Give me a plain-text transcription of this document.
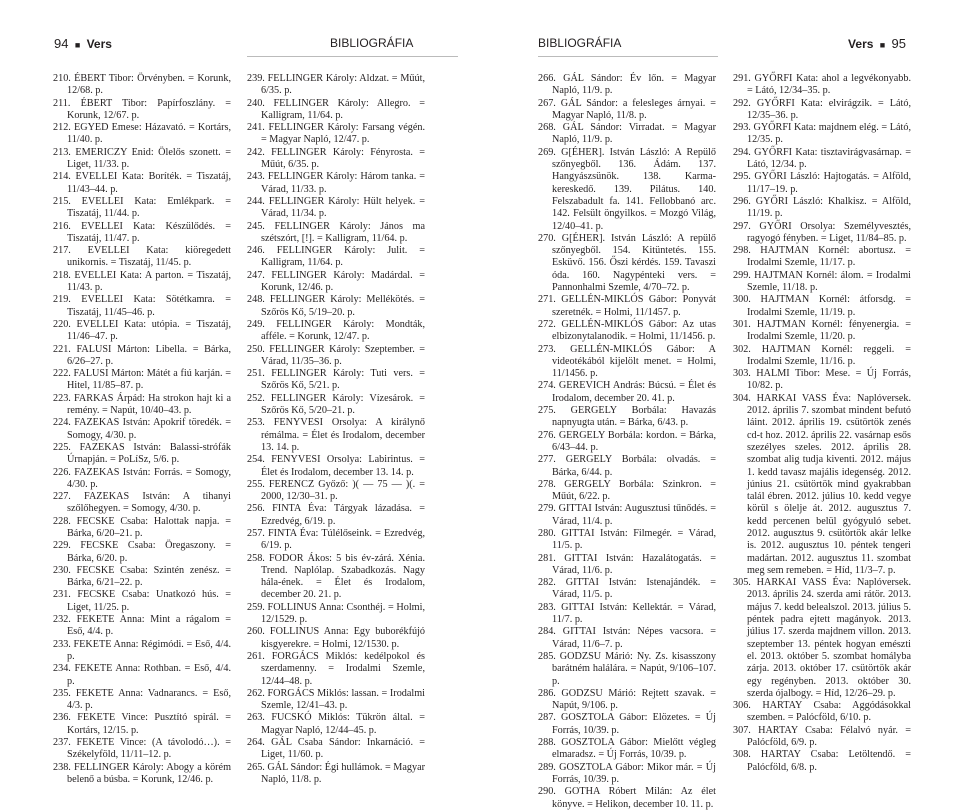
94 ■ Vers	BIBLIOGRÁFIA	BIBLIOGRÁFIA	Vers ■ 95

210. ÉBERT Tibor: Örvényben. = Korunk, 12/68. p.

211. ÉBERT Tibor: Papírfoszlány. = Korunk, 12/67. p.

212. EGYED Emese: Házavató. = Kortárs, 11/40. p.

213. EMERICZY Enid: Ölelős szonett. = Liget, 11/33. p.

214. EVELLEI Kata: Boríték. = Tiszatáj, 11/43–44. p.

215. EVELLEI Kata: Emlékpark. = Tiszatáj, 11/44. p.

216. EVELLEI Kata: Készülődés. = Tiszatáj, 11/47. p.

217. EVELLEI Kata: kiöregedett unikornis. = Tiszatáj, 11/45. p.

218. EVELLEI Kata: A parton. = Tiszatáj, 11/43. p.

219. EVELLEI Kata: Sötétkamra. = Tiszatáj, 11/45–46. p.

220. EVELLEI Kata: utópia. = Tiszatáj, 11/46–47. p.

221. FALUSI Márton: Libella. = Bárka, 6/26–27. p.

222. FALUSI Márton: Mátét a fiú karján. = Hitel, 11/85–87. p.

223. FARKAS Árpád: Ha strokon hajt ki a remény. = Napút, 10/40–43. p.

224. FAZEKAS István: Apokrif töredék. = Somogy, 4/30. p.

225. FAZEKAS István: Balassi-strófák Úrnapján. = PoLíSz, 5/6. p.

226. FAZEKAS István: Forrás. = Somogy, 4/30. p.

227. FAZEKAS István: A tihanyi szőlőhegyen. = Somogy, 4/30. p.

228. FECSKE Csaba: Halottak napja. = Bárka, 6/20–21. p.

229. FECSKE Csaba: Öregaszony. = Bárka, 6/20. p.

230. FECSKE Csaba: Szintén zenész. = Bárka, 6/21–22. p.

231. FECSKE Csaba: Unatkozó hús. = Liget, 11/25. p.

232. FEKETE Anna: Mint a rágalom = Eső, 4/4. p.

233. FEKETE Anna: Régimódi. = Eső, 4/4. p.

234. FEKETE Anna: Rothban. = Eső, 4/4. p.

235. FEKETE Anna: Vadnarancs. = Eső, 4/3. p.

236. FEKETE Vince: Pusztító spirál. = Kortárs, 12/15. p.

237. FEKETE Vince: (A távolodó…). = Székelyföld, 11/11–12. p.

238. FELLINGER Károly: Abogy a körém belenő a búsba. = Korunk, 12/46. p.

239. FELLINGER Károly: Aldzat. = Műút, 6/35. p.

240. FELLINGER Károly: Allegro. = Kalligram, 11/64. p.

241. FELLINGER Károly: Farsang végén. = Magyar Napló, 12/47. p.

242. FELLINGER Károly: Fényrosta. = Műút, 6/35. p.

243. FELLINGER Károly: Három tanka. = Várad, 11/33. p.

244. FELLINGER Károly: Hült helyek. = Várad, 11/34. p.

245. FELLINGER Károly: János ma szétszórt, [!]. = Kalligram, 11/64. p.

246. FELLINGER Károly: Julit. = Kalligram, 11/64. p.

247. FELLINGER Károly: Madárdal. = Korunk, 12/46. p.

248. FELLINGER Károly: Mellékötés. = Szőrös Kő, 5/19–20. p.

249. FELLINGER Károly: Mondták, afféle. = Korunk, 12/47. p.

250. FELLINGER Károly: Szeptember. = Várad, 11/35–36. p.

251. FELLINGER Károly: Tuti vers. = Szőrös Kő, 5/21. p.

252. FELLINGER Károly: Vízesárok. = Szőrös Kő, 5/20–21. p.

253. FENYVESI Orsolya: A királynő rémálma. = Élet és Irodalom, december 13. 14. p.

254. FENYVESI Orsolya: Labirintus. = Élet és Irodalom, december 13. 14. p.

255. FERENCZ Győző: )( — 75 — )(. = 2000, 12/30–31. p.

256. FINTA Éva: Tárgyak lázadása. = Ezredvég, 6/19. p.

257. FINTA Éva: Túlélőseink. = Ezredvég, 6/19. p.

258. FODOR Ákos: 5 bis év-zárá. Xénia. Trend. Naplólap. Szabadkozás. Nagy hála-ének. = Élet és Irodalom, december 20. 21. p.

259. FOLLINUS Anna: Csonthéj. = Holmi, 12/1529. p.

260. FOLLINUS Anna: Egy buborékfújó kisgyerekre. = Holmi, 12/1530. p.

261. FORGÁCS Miklós: kedélpokol és szerdamenny. = Irodalmi Szemle, 12/44–48. p.

262. FORGÁCS Miklós: lassan. = Irodalmi Szemle, 12/41–43. p.

263. FUCSKÓ Miklós: Tükrön által. = Magyar Napló, 12/44–45. p.

264. GÁL Csaba Sándor: Inkarnáció. = Liget, 11/60. p.

265. GÁL Sándor: Égi hullámok. = Magyar Napló, 11/8. p.

266. GÁL Sándor: Év lőn. = Magyar Napló, 11/9. p.

267. GÁL Sándor: a felesleges árnyai. = Magyar Napló, 11/8. p.

268. GÁL Sándor: Virradat. = Magyar Napló, 11/9. p.

269. G[ÉHER]. István László: A Repülő szőnyegből. 136. Ádám. 137. Hangyászsünök. 138. Karma-kereskedő. 139. Pilátus. 140. Felszabadult fa. 141. Fellobbanó arc. 142. Felsült öngyilkos. = Mozgó Világ, 12/40–41. p.

270. G[ÉHER]. István László: A repülő szőnyegből. 154. Kitüntetés. 155. Esküvő. 156. Őszi kérdés. 159. Tavaszi óda. 160. Nagypénteki vers. = Pannonhalmi Szemle, 4/70–72. p.

271. GELLÉN-MIKLÓS Gábor: Ponyvát szeretnék. = Holmi, 11/1457. p.

272. GELLÉN-MIKLÓS Gábor: Az utas elbizonytalanodik. = Holmi, 11/1456. p.

273. GELLÉN-MIKLÓS Gábor: A videotékából kijelölt menet. = Holmi, 11/1456. p.

274. GEREVICH András: Búcsú. = Élet és Irodalom, december 20. 41. p.

275. GERGELY Borbála: Havazás napnyugta után. = Bárka, 6/43. p.

276. GERGELY Borbála: kordon. = Bárka, 6/43–44. p.

277. GERGELY Borbála: olvadás. = Bárka, 6/44. p.

278. GERGELY Borbála: Szinkron. = Műút, 6/22. p.

279. GITTAI István: Augusztusi tűnődés. = Várad, 11/4. p.

280. GITTAI István: Filmegér. = Várad, 11/5. p.

281. GITTAI István: Hazalátogatás. = Várad, 11/6. p.

282. GITTAI István: Istenajándék. = Várad, 11/5. p.

283. GITTAI István: Kellektár. = Várad, 11/7. p.

284. GITTAI István: Népes vacsora. = Várad, 11/6–7. p.

285. GODZSU Márió: Ny. Zs. kisasszony barátném halálára. = Napút, 9/106–107. p.

286. GODZSU Márió: Rejtett szavak. = Napút, 9/106. p.

287. GOSZTOLA Gábor: Elözetes. = Új Forrás, 10/39. p.

288. GOSZTOLA Gábor: Mielőtt végleg elmaradsz. = Új Forrás, 10/39. p.

289. GOSZTOLA Gábor: Mikor már. = Új Forrás, 10/39. p.

290. GOTHA Róbert Milán: Az élet könyve. = Helikon, december 10. 11. p.

291. GYŐRFI Kata: ahol a legvékonyabb. = Látó, 12/34–35. p.

292. GYŐRFI Kata: elvirágzik. = Látó, 12/35–36. p.

293. GYŐRFI Kata: majdnem elég. = Látó, 12/35. p.

294. GYŐRFI Kata: tisztavirágvasárnap. = Látó, 12/34. p.

295. GYŐRI László: Hajtogatás. = Alföld, 11/17–19. p.

296. GYŐRI László: Khalkisz. = Alföld, 11/19. p.

297. GYŐRI Orsolya: Személyvesztés, ragyogó fényben. = Liget, 11/84–85. p.

298. HAJTMAN Kornél: abortusz. = Irodalmi Szemle, 11/17. p.

299. HAJTMAN Kornél: álom. = Irodalmi Szemle, 11/18. p.

300. HAJTMAN Kornél: átforsdg. = Irodalmi Szemle, 11/19. p.

301. HAJTMAN Kornél: fényenergia. = Irodalmi Szemle, 11/20. p.

302. HAJTMAN Kornél: reggeli. = Irodalmi Szemle, 11/16. p.

303. HALMI Tibor: Mese. = Új Forrás, 10/82. p.

304. HARKAI VASS Éva: Naplóversek. 2012. április 7. szombat mindent befutó láint. 2012. április 19. csütörtök zenés cd-t hoz. 2012. április 22. vasárnap esős szezélyes szeles. 2012. április 28. szombat alig tudja kiventi. 2012. május 1. kedd tavasz majális idegenség. 2012. június 21. csütörtök mind gyakrabban talál ébren. 2012. július 10. kedd vegye körül s ölelje át. 2012. augusztus 7. kedd percenen belül gyógyuló sebet. 2012. augusztus 9. csütörtök akár lelke is. 2012. augusztus 10. péntek tengeri madártan. 2012. augusztus 11. szombat meg sem remeben. = Híd, 11/3–7. p.

305. HARKAI VASS Éva: Naplóversek. 2013. április 24. szerda ami rátör. 2013. május 7. kedd belealszol. 2013. július 5. péntek padra ejtett magányok. 2013. július 17. szerda majdnem villon. 2013. szeptember 13. péntek hogyan emészti el. 2013. október 5. szombat homályba zárja. 2013. október 17. csütörtök akár egy regényben. 2013. október 30. szerda ójalbogy. = Híd, 12/26–29. p.

306. HARTAY Csaba: Aggódásokkal szemben. = Palócföld, 6/10. p.

307. HARTAY Csaba: Félalvó nyár. = Palócföld, 6/9. p.

308. HARTAY Csaba: Letöltendő. = Palócföld, 6/8. p.
